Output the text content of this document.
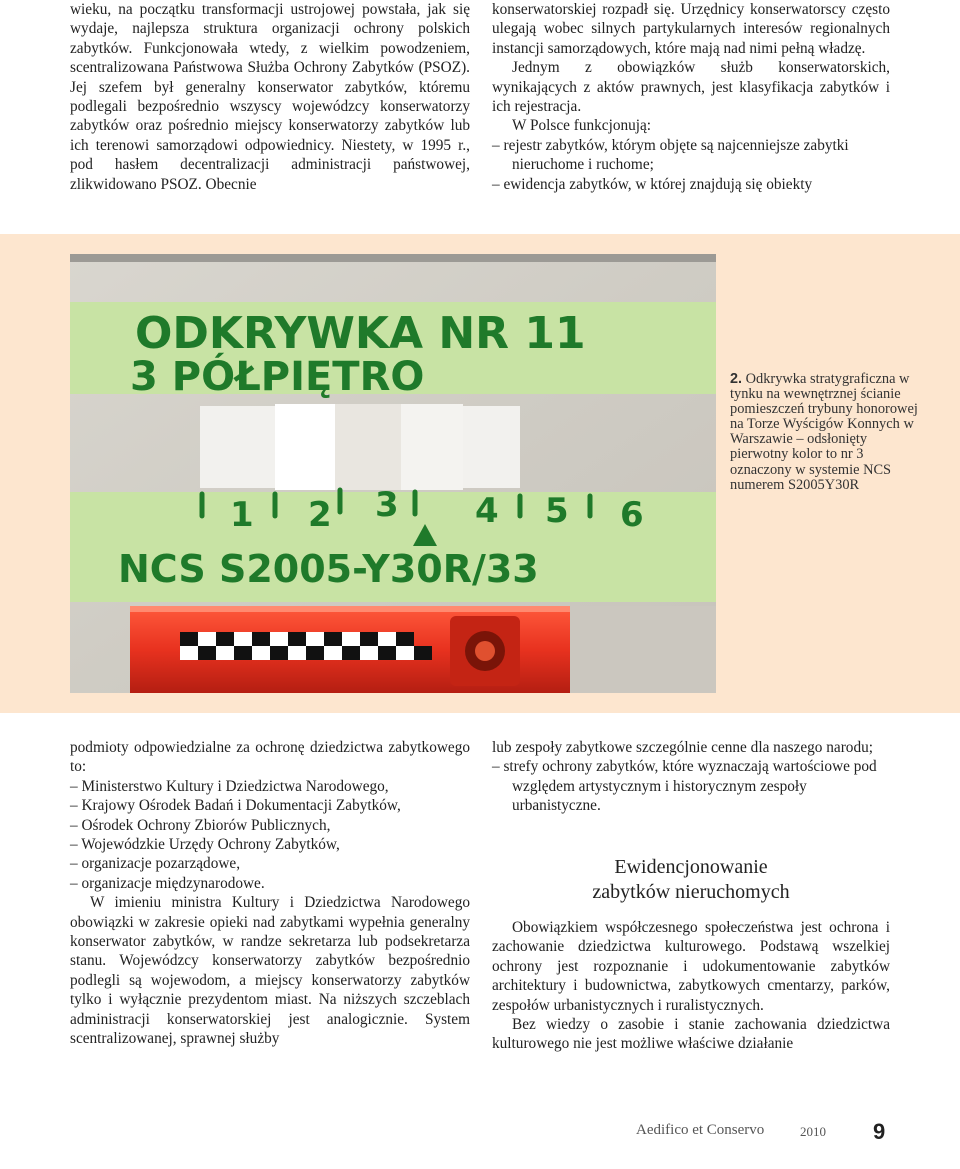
wieku, na początku transformacji ustrojowej powstała, jak się wydaje, najlepsza struktura organizacji ochrony polskich zabytków. Funkcjonowała wtedy, z wielkim powodzeniem, scentralizowana Państwowa Służba Ochrony Zabytków (PSOZ). Jej szefem był generalny konserwator zabytków, któremu podlegali bezpośrednio wszyscy wojewódzcy konserwatorzy zabytków oraz pośrednio miejscy konserwatorzy zabytków lub ich terenowi samorządowi odpowiednicy. Niestety, w 1995 r., pod hasłem decentralizacji administracji państwowej, zlikwidowano PSOZ. Obecnie

konserwatorskiej rozpadł się. Urzędnicy konserwatorscy często ulegają wobec silnych partykularnych interesów regionalnych instancji samorządowych, które mają nad nimi pełną władzę.

Jednym z obowiązków służb konserwatorskich, wynikających z aktów prawnych, jest klasyfikacja zabytków i ich rejestracja.

W Polsce funkcjonują:

– rejestr zabytków, którym objęte są najcenniejsze zabytki nieruchome i ruchome;

– ewidencja zabytków, w której znajdują się obiekty

ODKRYWKA NR 11
3 PÓŁPIĘTRO
1 2 3 4 5 6
NCS S2005-Y30R/33
2. Odkrywka stratygraficzna w tynku na wewnętrznej ścianie pomieszczeń trybuny honorowej na Torze Wyścigów Konnych w Warszawie – odsłonięty pierwotny kolor to nr 3 oznaczony w systemie NCS numerem S2005Y30R

podmioty odpowiedzialne za ochronę dziedzictwa zabytkowego to:

– Ministerstwo Kultury i Dziedzictwa Narodowego,

– Krajowy Ośrodek Badań i Dokumentacji Zabytków,

– Ośrodek Ochrony Zbiorów Publicznych,

– Wojewódzkie Urzędy Ochrony Zabytków,

– organizacje pozarządowe,

– organizacje międzynarodowe.

W imieniu ministra Kultury i Dziedzictwa Narodowego obowiązki w zakresie opieki nad zabytkami wypełnia generalny konserwator zabytków, w randze sekretarza lub podsekretarza stanu. Wojewódzcy konserwatorzy zabytków bezpośrednio podlegli są wojewodom, a miejscy konserwatorzy zabytków tylko i wyłącznie prezydentom miast. Na niższych szczeblach administracji konserwatorskiej jest analogicznie. System scentralizowanej, sprawnej służby

lub zespoły zabytkowe szczególnie cenne dla naszego narodu;

– strefy ochrony zabytków, które wyznaczają wartościowe pod względem artystycznym i historycznym zespoły urbanistyczne.

Ewidencjonowanie
zabytków nieruchomych

Obowiązkiem współczesnego społeczeństwa jest ochrona i zachowanie dziedzictwa kulturowego. Podstawą wszelkiej ochrony jest rozpoznanie i udokumentowanie zabytków architektury i budownictwa, zabytkowych cmentarzy, parków, zespołów urbanistycznych i ruralistycznych.

Bez wiedzy o zasobie i stanie zachowania dziedzictwa kulturowego nie jest możliwe właściwe działanie

Aedifico et Conservo	2010 9
